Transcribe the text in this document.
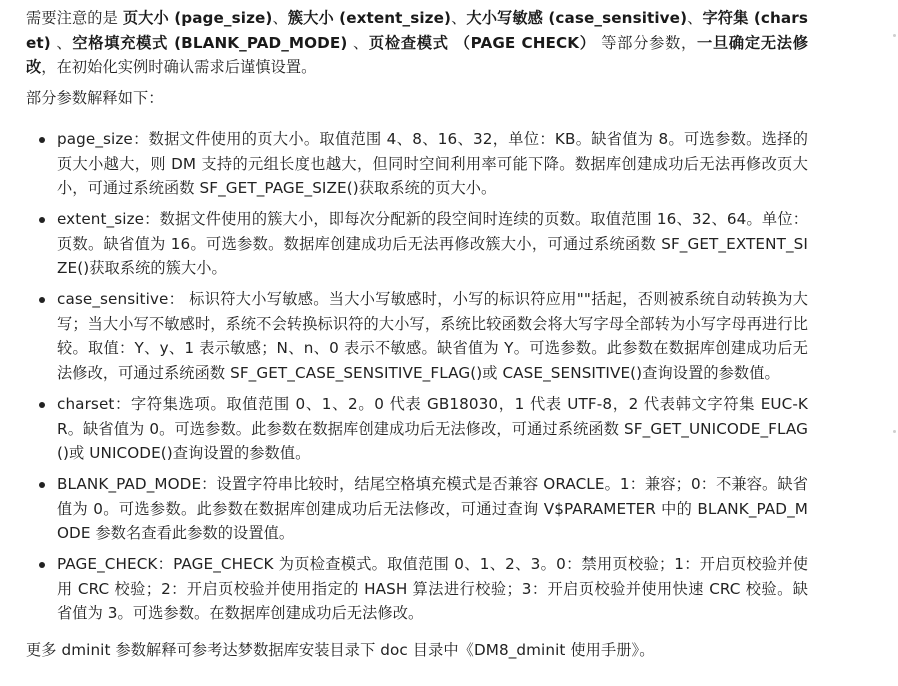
需要注意的是 页大小 (page_size)、簇大小 (extent_size)、大小写敏感 (case_sensitive)、字符集 (charset) 、空格填充模式 (BLANK_PAD_MODE) 、页检查模式 （PAGE CHECK） 等部分参数，一旦确定无法修改，在初始化实例时确认需求后谨慎设置。

部分参数解释如下：

page_size：数据文件使用的页大小。取值范围 4、8、16、32，单位：KB。缺省值为 8。可选参数。选择的页大小越大，则 DM 支持的元组长度也越大，但同时空间利用率可能下降。数据库创建成功后无法再修改页大小，可通过系统函数 SF_GET_PAGE_SIZE()获取系统的页大小。
extent_size：数据文件使用的簇大小，即每次分配新的段空间时连续的页数。取值范围 16、32、64。单位：页数。缺省值为 16。可选参数。数据库创建成功后无法再修改簇大小，可通过系统函数 SF_GET_EXTENT_SIZE()获取系统的簇大小。
case_sensitive： 标识符大小写敏感。当大小写敏感时，小写的标识符应用""括起，否则被系统自动转换为大写；当大小写不敏感时，系统不会转换标识符的大小写，系统比较函数会将大写字母全部转为小写字母再进行比较。取值：Y、y、1 表示敏感；N、n、0 表示不敏感。缺省值为 Y。可选参数。此参数在数据库创建成功后无法修改，可通过系统函数 SF_GET_CASE_SENSITIVE_FLAG()或 CASE_SENSITIVE()查询设置的参数值。
charset：字符集选项。取值范围 0、1、2。0 代表 GB18030，1 代表 UTF-8，2 代表韩文字符集 EUC-KR。缺省值为 0。可选参数。此参数在数据库创建成功后无法修改，可通过系统函数 SF_GET_UNICODE_FLAG()或 UNICODE()查询设置的参数值。
BLANK_PAD_MODE：设置字符串比较时，结尾空格填充模式是否兼容 ORACLE。1：兼容；0：不兼容。缺省值为 0。可选参数。此参数在数据库创建成功后无法修改，可通过查询 V$PARAMETER 中的 BLANK_PAD_MODE 参数名查看此参数的设置值。
PAGE_CHECK：PAGE_CHECK 为页检查模式。取值范围 0、1、2、3。0：禁用页校验；1：开启页校验并使用 CRC 校验；2：开启页校验并使用指定的 HASH 算法进行校验；3：开启页校验并使用快速 CRC 校验。缺省值为 3。可选参数。在数据库创建成功后无法修改。

更多 dminit 参数解释可参考达梦数据库安装目录下 doc 目录中《DM8_dminit 使用手册》。
